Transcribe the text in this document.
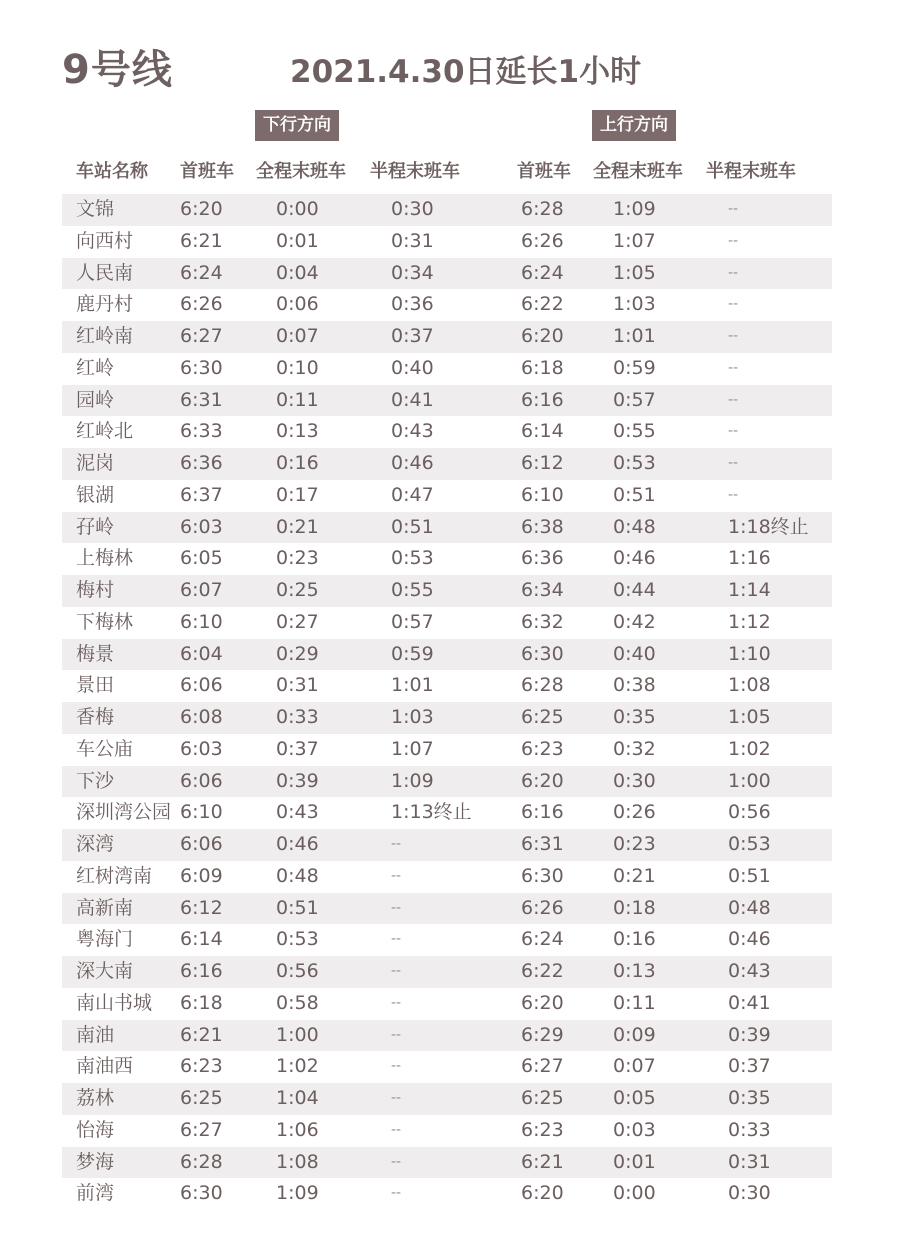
9号线	2021.4.30日延长1小时
下行方向	上行方向
车站名称 首班车 全程末班车 半程末班车	首班车 全程末班车 半程末班车
文锦	6:20	0:00	0:30	6:28	1:09	--
向西村 6:21	0:01	0:31	6:26	1:07	--
人民南 6:24	0:04	0:34	6:24	1:05	--
鹿丹村 6:26	0:06	0:36	6:22	1:03	--
红岭南 6:27	0:07	0:37	6:20	1:01	--
红岭	6:30	0:10	0:40	6:18	0:59	--
园岭	6:31	0:11	0:41	6:16	0:57	--
红岭北 6:33	0:13	0:43	6:14	0:55	--
泥岗	6:36	0:16	0:46	6:12	0:53	--
银湖	6:37	0:17	0:47	6:10	0:51	--
孖岭	6:03	0:21	0:51	6:38	0:48	1:18终止
上梅林 6:05	0:23	0:53	6:36	0:46	1:16
梅村	6:07	0:25	0:55	6:34	0:44	1:14
下梅林 6:10	0:27	0:57	6:32	0:42	1:12
梅景	6:04	0:29	0:59	6:30	0:40	1:10
景田	6:06	0:31	1:01	6:28	0:38	1:08
香梅	6:08	0:33	1:03	6:25	0:35	1:05
车公庙 6:03	0:37	1:07	6:23	0:32	1:02
下沙	6:06	0:39	1:09	6:20	0:30	1:00
深圳湾公园 6:10	0:43	1:13终止	6:16	0:26	0:56
深湾	6:06	0:46	--	6:31	0:23	0:53
红树湾南 6:09	0:48	--	6:30	0:21	0:51
高新南 6:12	0:51	--	6:26	0:18	0:48
粤海门 6:14	0:53	--	6:24	0:16	0:46
深大南 6:16	0:56	--	6:22	0:13	0:43
南山书城 6:18	0:58	--	6:20	0:11	0:41
南油	6:21	1:00	--	6:29	0:09	0:39
南油西 6:23	1:02	--	6:27	0:07	0:37
荔林	6:25	1:04	--	6:25	0:05	0:35
怡海	6:27	1:06	--	6:23	0:03	0:33
梦海	6:28	1:08	--	6:21	0:01	0:31
前湾	6:30	1:09	--	6:20	0:00	0:30
